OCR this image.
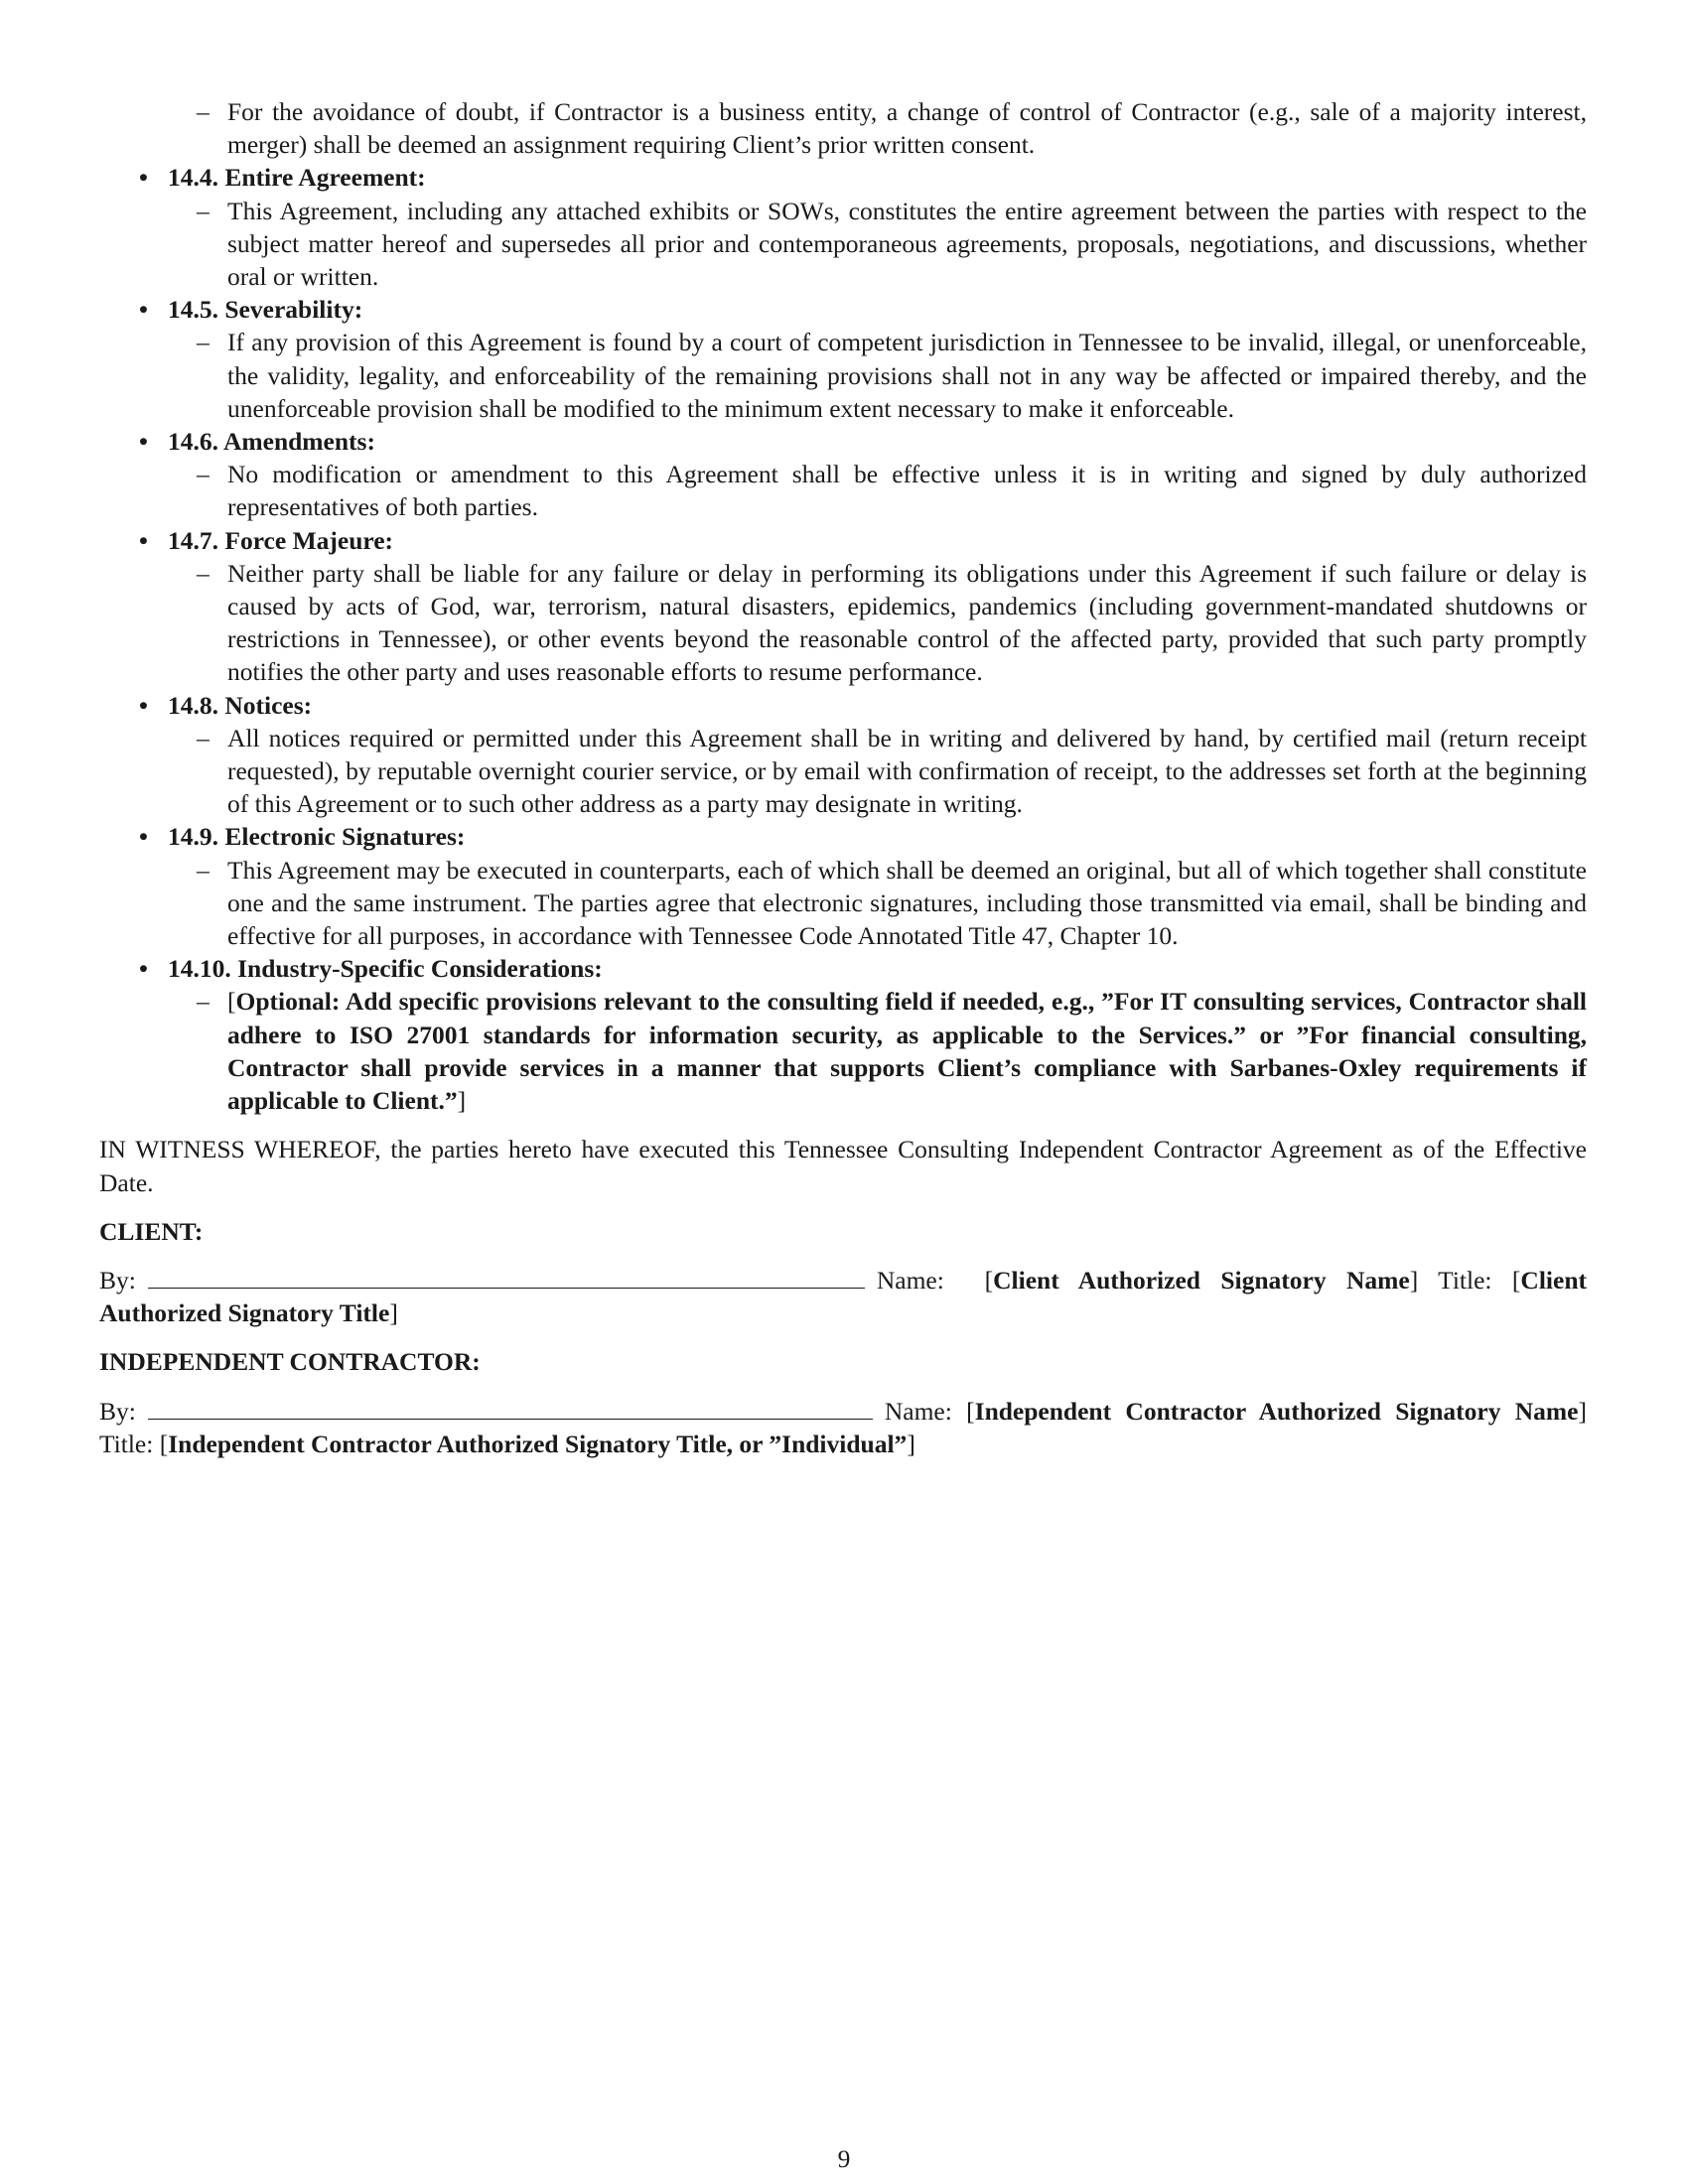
– For the avoidance of doubt, if Contractor is a business entity, a change of control of Contractor (e.g., sale of a majority interest, merger) shall be deemed an assignment requiring Client’s prior written consent.
• 14.4. Entire Agreement:
– This Agreement, including any attached exhibits or SOWs, constitutes the entire agreement between the parties with respect to the subject matter hereof and supersedes all prior and contemporaneous agreements, proposals, negotiations, and discussions, whether oral or written.
• 14.5. Severability:
– If any provision of this Agreement is found by a court of competent jurisdiction in Tennessee to be invalid, illegal, or unenforceable, the validity, legality, and enforceability of the remaining provisions shall not in any way be affected or impaired thereby, and the unenforceable provision shall be modified to the minimum extent necessary to make it enforceable.
• 14.6. Amendments:
– No modification or amendment to this Agreement shall be effective unless it is in writing and signed by duly authorized representatives of both parties.
• 14.7. Force Majeure:
– Neither party shall be liable for any failure or delay in performing its obligations under this Agreement if such failure or delay is caused by acts of God, war, terrorism, natural disasters, epidemics, pandemics (including government-mandated shutdowns or restrictions in Tennessee), or other events beyond the reasonable control of the affected party, provided that such party promptly notifies the other party and uses reasonable efforts to resume performance.
• 14.8. Notices:
– All notices required or permitted under this Agreement shall be in writing and delivered by hand, by certified mail (return receipt requested), by reputable overnight courier service, or by email with confirmation of receipt, to the addresses set forth at the beginning of this Agreement or to such other address as a party may designate in writing.
• 14.9. Electronic Signatures:
– This Agreement may be executed in counterparts, each of which shall be deemed an original, but all of which together shall constitute one and the same instrument. The parties agree that electronic signatures, including those transmitted via email, shall be binding and effective for all purposes, in accordance with Tennessee Code Annotated Title 47, Chapter 10.
• 14.10. Industry-Specific Considerations:
– [Optional: Add specific provisions relevant to the consulting field if needed, e.g., ”For IT consulting services, Contractor shall adhere to ISO 27001 standards for information security, as applicable to the Services.” or ”For financial consulting, Contractor shall provide services in a manner that supports Client’s compliance with Sarbanes-Oxley requirements if applicable to Client.”]
IN WITNESS WHEREOF, the parties hereto have executed this Tennessee Consulting Independent Contractor Agreement as of the Effective Date.
CLIENT:
By:	Name:  [Client Authorized Signatory Name] Title: [Client Authorized Signatory Title]
INDEPENDENT CONTRACTOR:
By:	Name: [Independent Contractor Authorized Signatory Name] Title: [Independent Contractor Authorized Signatory Title, or ”Individual”]
9
